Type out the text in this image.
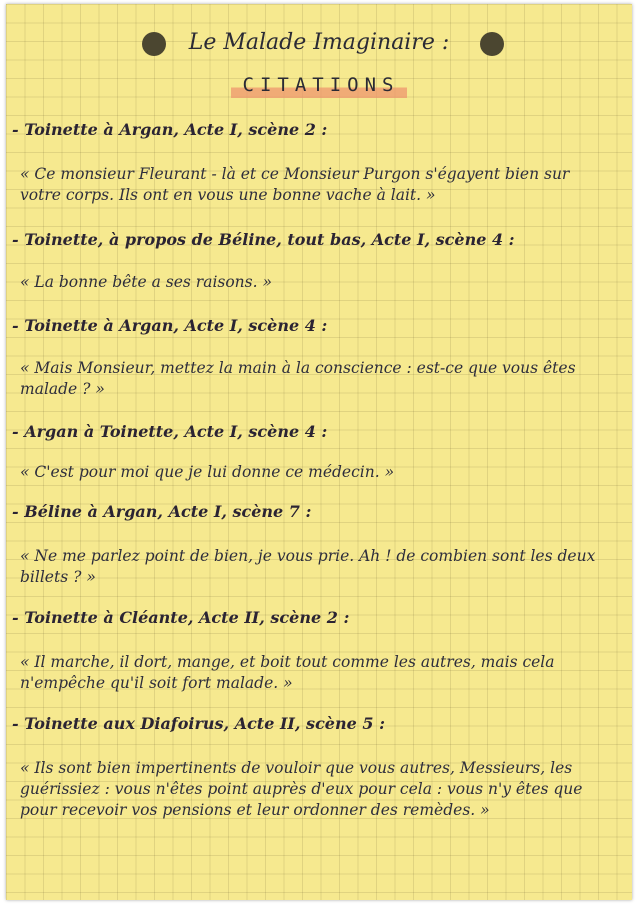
Le Malade Imaginaire :
CITATIONS
- Toinette à Argan, Acte I, scène 2 :
« Ce monsieur Fleurant - là et ce Monsieur Purgon s'égayent bien sur votre corps. Ils ont en vous une bonne vache à lait. »
- Toinette, à propos de Béline, tout bas, Acte I, scène 4 :
« La bonne bête a ses raisons. »
- Toinette à Argan, Acte I, scène 4 :
« Mais Monsieur, mettez la main à la conscience : est-ce que vous êtes malade ? »
- Argan à Toinette, Acte I, scène 4 :
« C'est pour moi que je lui donne ce médecin. »
- Béline à Argan, Acte I, scène 7 :
« Ne me parlez point de bien, je vous prie. Ah ! de combien sont les deux billets ? »
- Toinette à Cléante, Acte II, scène 2 :
« Il marche, il dort, mange, et boit tout comme les autres, mais cela n'empêche qu'il soit fort malade. »
- Toinette aux Diafoirus, Acte II, scène 5 :
« Ils sont bien impertinents de vouloir que vous autres, Messieurs, les guérissiez : vous n'êtes point auprès d'eux pour cela : vous n'y êtes que pour recevoir vos pensions et leur ordonner des remèdes. »
